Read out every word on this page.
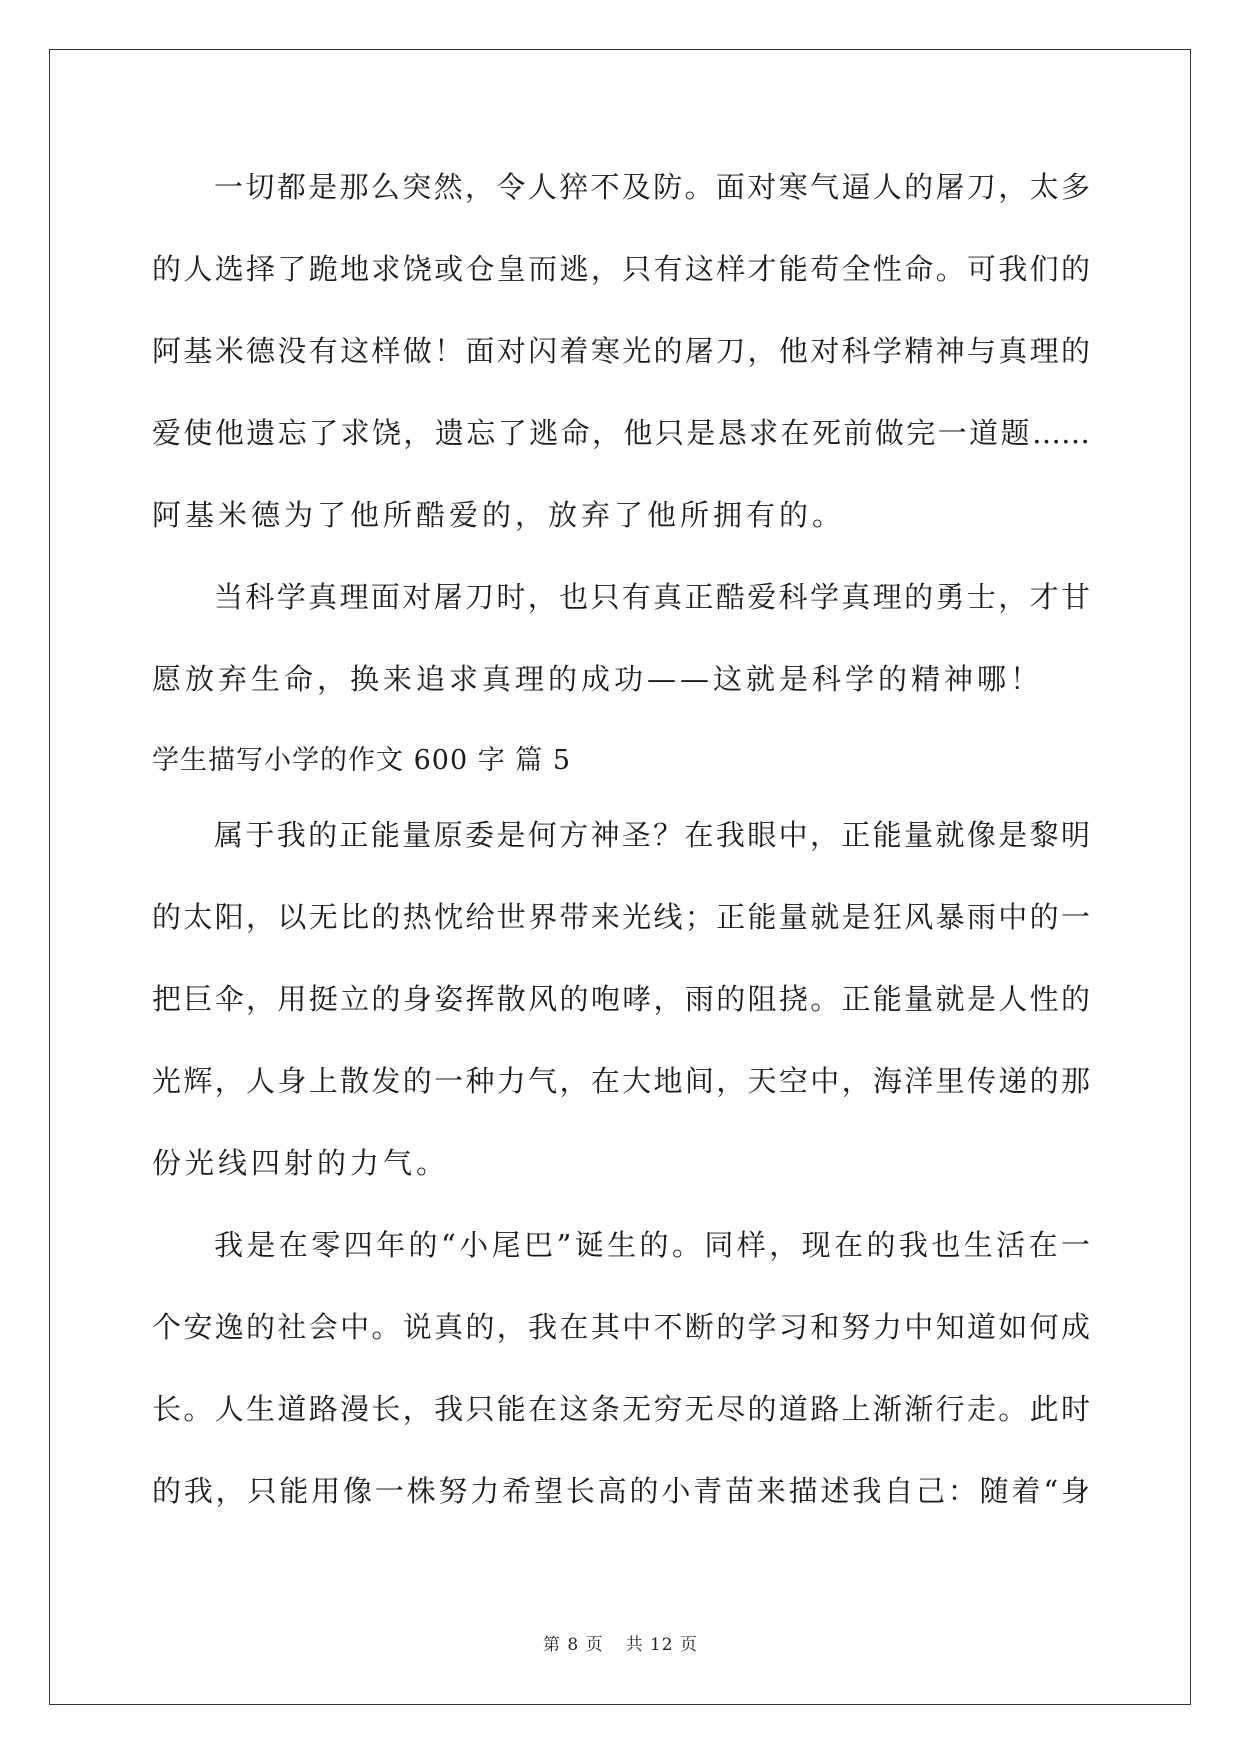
一切都是那么突然，令人猝不及防。面对寒气逼人的屠刀，太多
的人选择了跪地求饶或仓皇而逃，只有这样才能苟全性命。可我们的
阿基米德没有这样做！面对闪着寒光的屠刀，他对科学精神与真理的
爱使他遗忘了求饶，遗忘了逃命，他只是恳求在死前做完一道题……
阿基米德为了他所酷爱的，放弃了他所拥有的。
当科学真理面对屠刀时，也只有真正酷爱科学真理的勇士，才甘
愿放弃生命，换来追求真理的成功——这就是科学的精神哪！
学生描写小学的作文 600 字 篇 5
属于我的正能量原委是何方神圣？在我眼中，正能量就像是黎明
的太阳，以无比的热忱给世界带来光线；正能量就是狂风暴雨中的一
把巨伞，用挺立的身姿挥散风的咆哮，雨的阻挠。正能量就是人性的
光辉，人身上散发的一种力气，在大地间，天空中，海洋里传递的那
份光线四射的力气。
我是在零四年的“小尾巴”诞生的。同样，现在的我也生活在一
个安逸的社会中。说真的，我在其中不断的学习和努力中知道如何成
长。人生道路漫长，我只能在这条无穷无尽的道路上渐渐行走。此时
的我，只能用像一株努力希望长高的小青苗来描述我自己：随着“身
第 8 页 共 12 页
